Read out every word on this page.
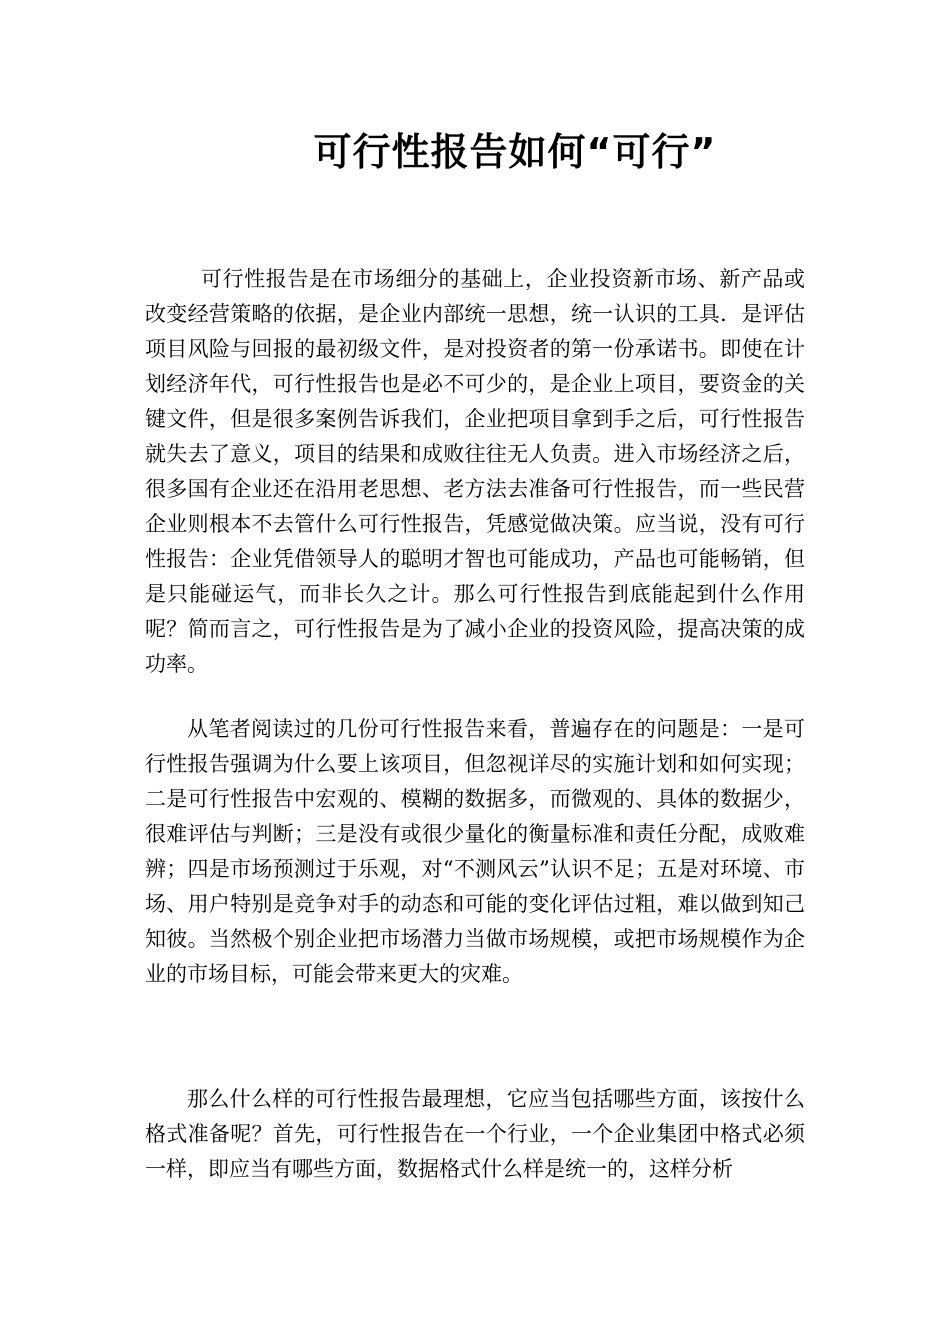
可行性报告如何“可行”

可行性报告是在市场细分的基础上，企业投资新市场、新产品或改变经营策略的依据，是企业内部统一思想，统一认识的工具．是评估项目风险与回报的最初级文件，是对投资者的第一份承诺书。即使在计划经济年代，可行性报告也是必不可少的，是企业上项目，要资金的关键文件，但是很多案例告诉我们，企业把项目拿到手之后，可行性报告就失去了意义，项目的结果和成败往往无人负责。进入市场经济之后，很多国有企业还在沿用老思想、老方法去准备可行性报告，而一些民营企业则根本不去管什么可行性报告，凭感觉做决策。应当说，没有可行性报告：企业凭借领导人的聪明才智也可能成功，产品也可能畅销，但是只能碰运气，而非长久之计。那么可行性报告到底能起到什么作用呢？简而言之，可行性报告是为了减小企业的投资风险，提高决策的成功率。

从笔者阅读过的几份可行性报告来看，普遍存在的问题是：一是可行性报告强调为什么要上该项目，但忽视详尽的实施计划和如何实现；二是可行性报告中宏观的、模糊的数据多，而微观的、具体的数据少，很难评估与判断；三是没有或很少量化的衡量标准和责任分配，成败难辨；四是市场预测过于乐观，对“不测风云”认识不足；五是对环境、市场、用户特别是竞争对手的动态和可能的变化评估过粗，难以做到知己知彼。当然极个别企业把市场潜力当做市场规模，或把市场规模作为企业的市场目标，可能会带来更大的灾难。

那么什么样的可行性报告最理想，它应当包括哪些方面，该按什么格式准备呢？首先，可行性报告在一个行业，一个企业集团中格式必须一样，即应当有哪些方面，数据格式什么样是统一的，这样分析
